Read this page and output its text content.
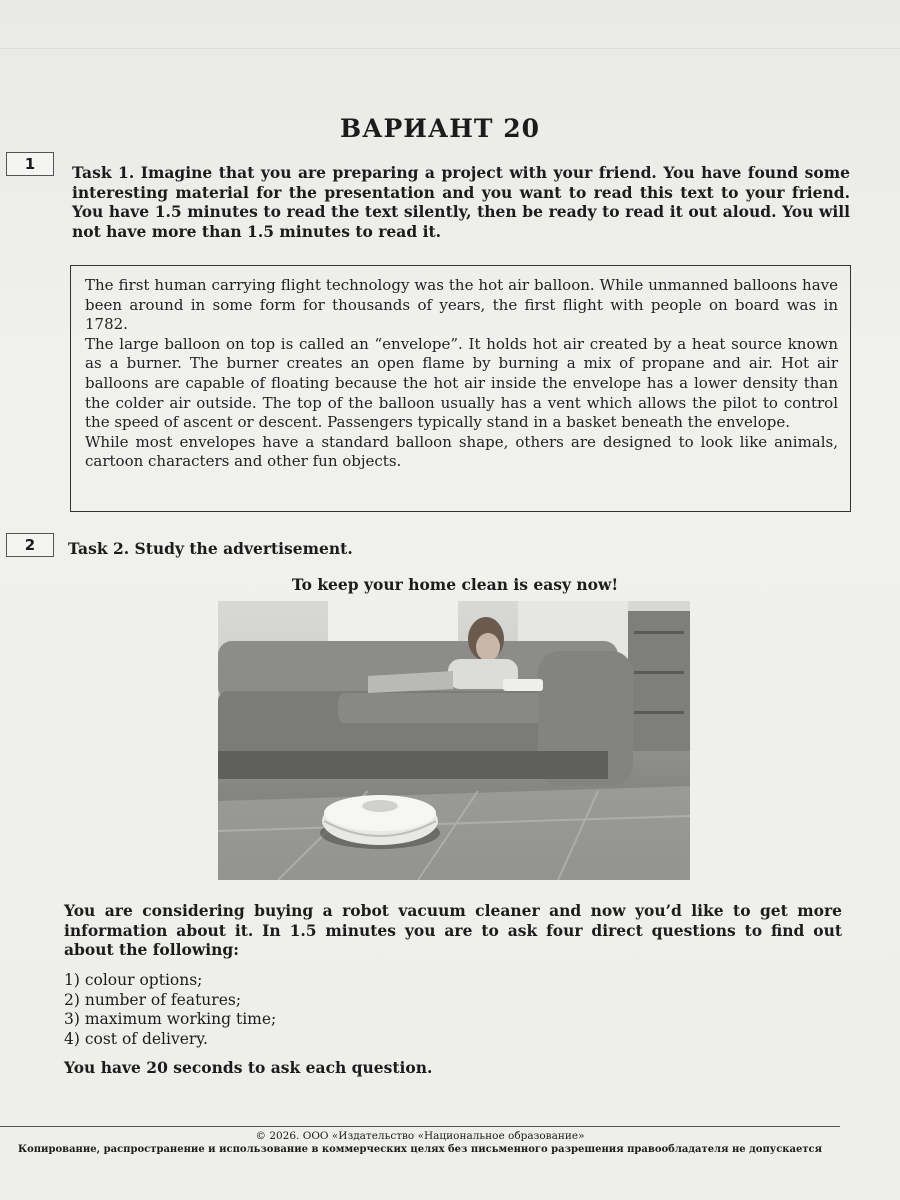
ВАРИАНТ 20
1	Task 1. Imagine that you are preparing a project with your friend. You have found some interesting material for the presentation and you want to read this text to your friend. You have 1.5 minutes to read the text silently, then be ready to read it out aloud. You will not have more than 1.5 minutes to read it.

The first human carrying flight technology was the hot air balloon. While unmanned balloons have been around in some form for thousands of years, the first flight with people on board was in 1782.

The large balloon on top is called an “envelope”. It holds hot air created by a heat source known as a burner. The burner creates an open flame by burning a mix of propane and air. Hot air balloons are capable of floating because the hot air inside the envelope has a lower density than the colder air outside. The top of the balloon usually has a vent which allows the pilot to control the speed of ascent or descent. Passengers typically stand in a basket beneath the envelope.

While most envelopes have a standard balloon shape, others are designed to look like animals, cartoon characters and other fun objects.

2	Task 2. Study the advertisement.
To keep your home clean is easy now!
You are considering buying a robot vacuum cleaner and now you’d like to get more information about it. In 1.5 minutes you are to ask four direct questions to find out about the following:
1) colour options;
2) number of features;
3) maximum working time;
4) cost of delivery.
You have 20 seconds to ask each question.
© 2026. ООО «Издательство «Национальное образование»
Копирование, распространение и использование в коммерческих целях без письменного разрешения правообладателя не допускается
